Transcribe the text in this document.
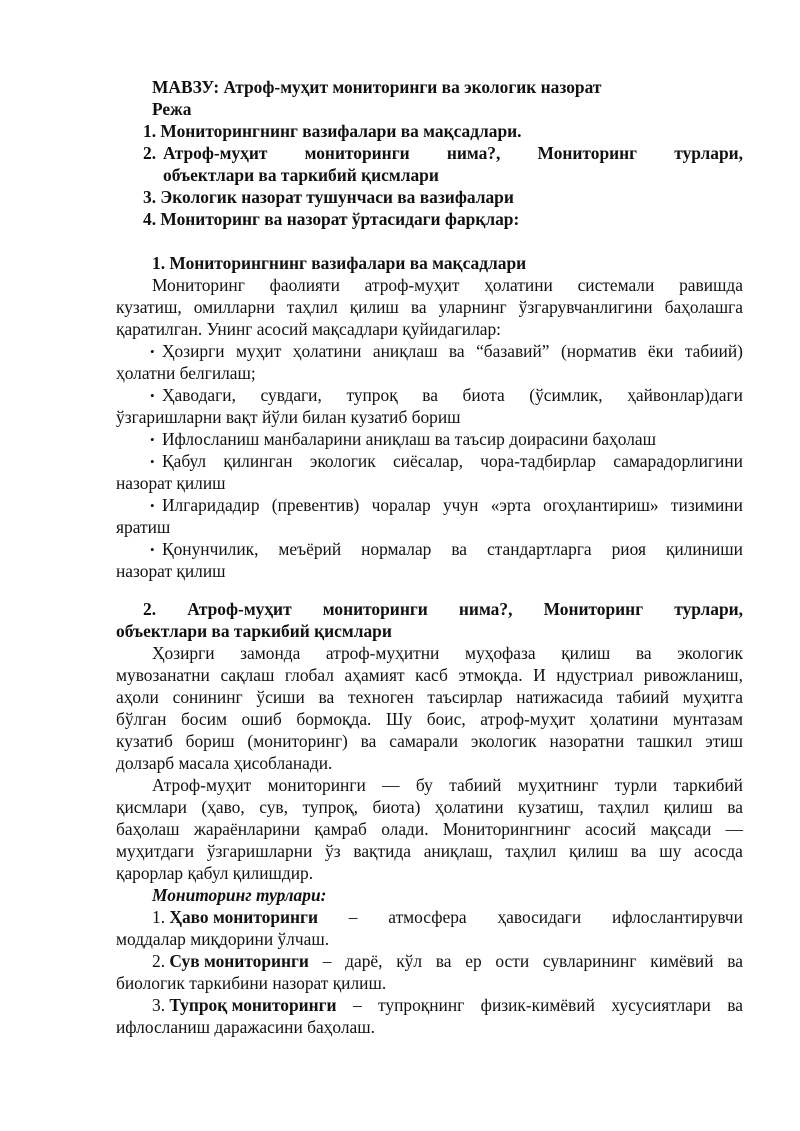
МАВЗУ: Атроф-муҳит мониторинги ва экологик назорат
Режа
1. Мониторингнинг вазифалари ва мақсадлари.
2. Атроф-муҳит мониторинги нима?, Мониторинг турлари,
объектлари ва таркибий қисмлари
3. Экологик назорат тушунчаси ва вазифалари
4. Мониторинг ва назорат ўртасидаги фарқлар:
1. Мониторингнинг вазифалари ва мақсадлари
Мониторинг фаолияти атроф-муҳит ҳолатини системали равишда
кузатиш, омилларни таҳлил қилиш ва уларнинг ўзгарувчанлигини баҳолашга
қаратилган. Унинг асосий мақсадлари қуйидагилар:
• Ҳозирги муҳит ҳолатини аниқлаш ва “базавий” (норматив ёки табиий)
ҳолатни белгилаш;
• Ҳаводаги, сувдаги, тупроқ ва биота (ўсимлик, ҳайвонлар)даги
ўзгаришларни вақт йўли билан кузатиб бориш
• Ифлосланиш манбаларини аниқлаш ва таъсир доирасини баҳолаш
• Қабул қилинган экологик сиёсалар, чора-тадбирлар самарадорлигини
назорат қилиш
• Илгаридадир (превентив) чоралар учун «эрта огоҳлантириш» тизимини
яратиш
• Қонунчилик, меъёрий нормалар ва стандартларга риоя қилиниши
назорат қилиш
2. Атроф-муҳит мониторинги нима?, Мониторинг турлари,
объектлари ва таркибий қисмлари
Ҳозирги замонда атроф-муҳитни муҳофаза қилиш ва экологик
мувозанатни сақлаш глобал аҳамият касб этмоқда. И ндустриал ривожланиш,
аҳоли сонининг ўсиши ва техноген таъсирлар натижасида табиий муҳитга
бўлган босим ошиб бормоқда. Шу боис, атроф-муҳит ҳолатини мунтазам
кузатиб бориш (мониторинг) ва самарали экологик назоратни ташкил этиш
долзарб масала ҳисобланади.
Атроф-муҳит мониторинги — бу табиий муҳитнинг турли таркибий
қисмлари (ҳаво, сув, тупроқ, биота) ҳолатини кузатиш, таҳлил қилиш ва
баҳолаш жараёнларини қамраб олади. Мониторингнинг асосий мақсади —
муҳитдаги ўзгаришларни ўз вақтида аниқлаш, таҳлил қилиш ва шу асосда
қарорлар қабул қилишдир.
Мониторинг турлари:
1. Ҳаво мониторинги – атмосфера ҳавосидаги ифлослантирувчи
моддалар миқдорини ўлчаш.
2. Сув мониторинги – дарё, кўл ва ер ости сувларининг кимёвий ва
биологик таркибини назорат қилиш.
3. Тупроқ мониторинги – тупроқнинг физик-кимёвий хусусиятлари ва
ифлосланиш даражасини баҳолаш.
